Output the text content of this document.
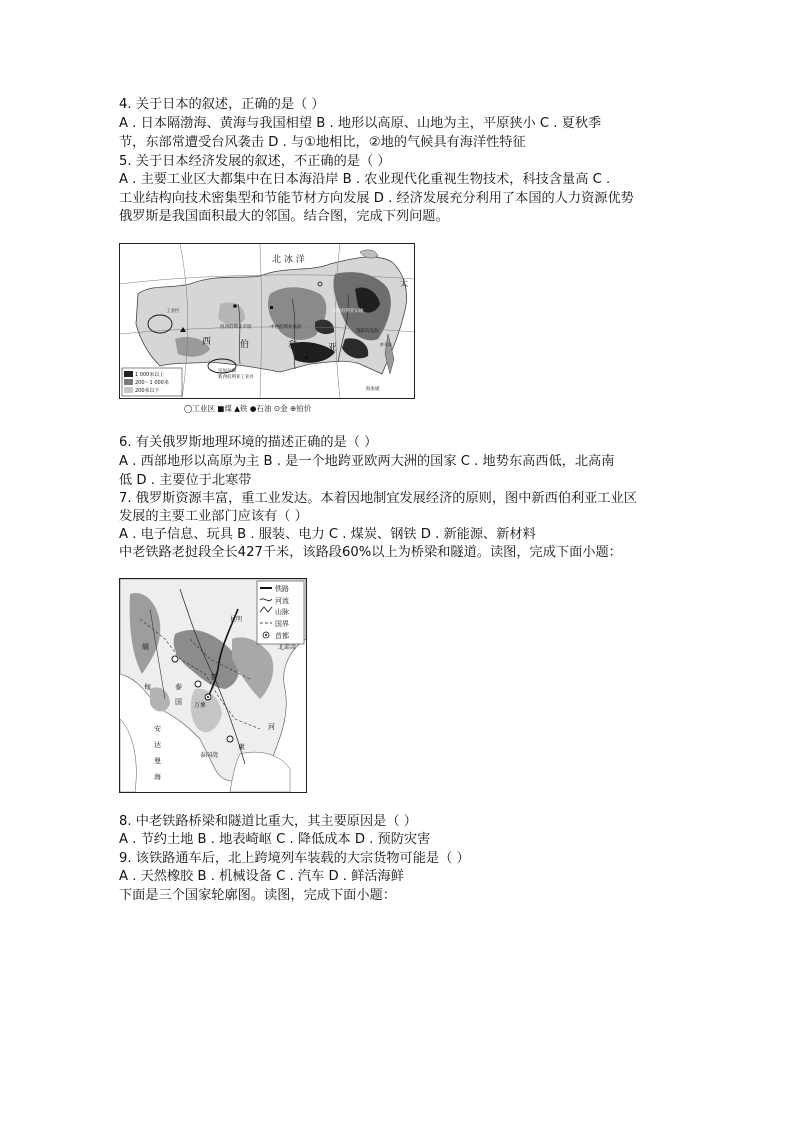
4. 关于日本的叙述，正确的是（ ）
A . 日本隔渤海、黄海与我国相望 B . 地形以高原、山地为主，平原狭小 C . 夏秋季
节，东部常遭受台风袭击 D . 与①地相比，②地的气候具有海洋性特征
5. 关于日本经济发展的叙述，不正确的是（ ）
A . 主要工业区大都集中在日本海沿岸 B . 农业现代化重视生物技术，科技含量高 C .
工业结构向技术密集型和节能节材方向发展 D . 经济发展充分利用了本国的人力资源优势
俄罗斯是我国面积最大的邻国。结合图，完成下列问题。
北 冰 洋
太
西	伯	利	亚
西西伯利亚平原	中西伯利亚高原
东西伯利亚山地
鄂霍次克海
库页岛
贝加尔湖
海参崴
新西伯利亚工业区
工业区
1 000米以上
200～1 000米
200米以下
◯工业区 ■煤 ▲铁 ●石油 ⊙金 ⊕铂价
6. 有关俄罗斯地理环境的描述正确的是（ ）
A . 西部地形以高原为主 B . 是一个地跨亚欧两大洲的国家 C . 地势东高西低，北高南
低 D . 主要位于北寒带
7. 俄罗斯资源丰富，重工业发达。本着因地制宜发展经济的原则，图中新西伯利亚工业区
发展的主要工业部门应该有（ ）
A . 电子信息、玩具 B . 服装、电力 C . 煤炭、钢铁 D . 新能源、新材料
中老铁路老挝段全长427千米，该路段60%以上为桥梁和隧道。读图，完成下面小题：
昆明
北部湾
万象
老
缅
甸	泰
国
柬
河
安
达
曼
海
泰国湾
铁路
河流
山脉
国界
首都
8. 中老铁路桥梁和隧道比重大，其主要原因是（ ）
A . 节约土地 B . 地表崎岖 C . 降低成本 D . 预防灾害
9. 该铁路通车后，北上跨境列车装载的大宗货物可能是（ ）
A . 天然橡胶 B . 机械设备 C . 汽车 D . 鲜活海鲜
下面是三个国家轮廓图。读图，完成下面小题：
